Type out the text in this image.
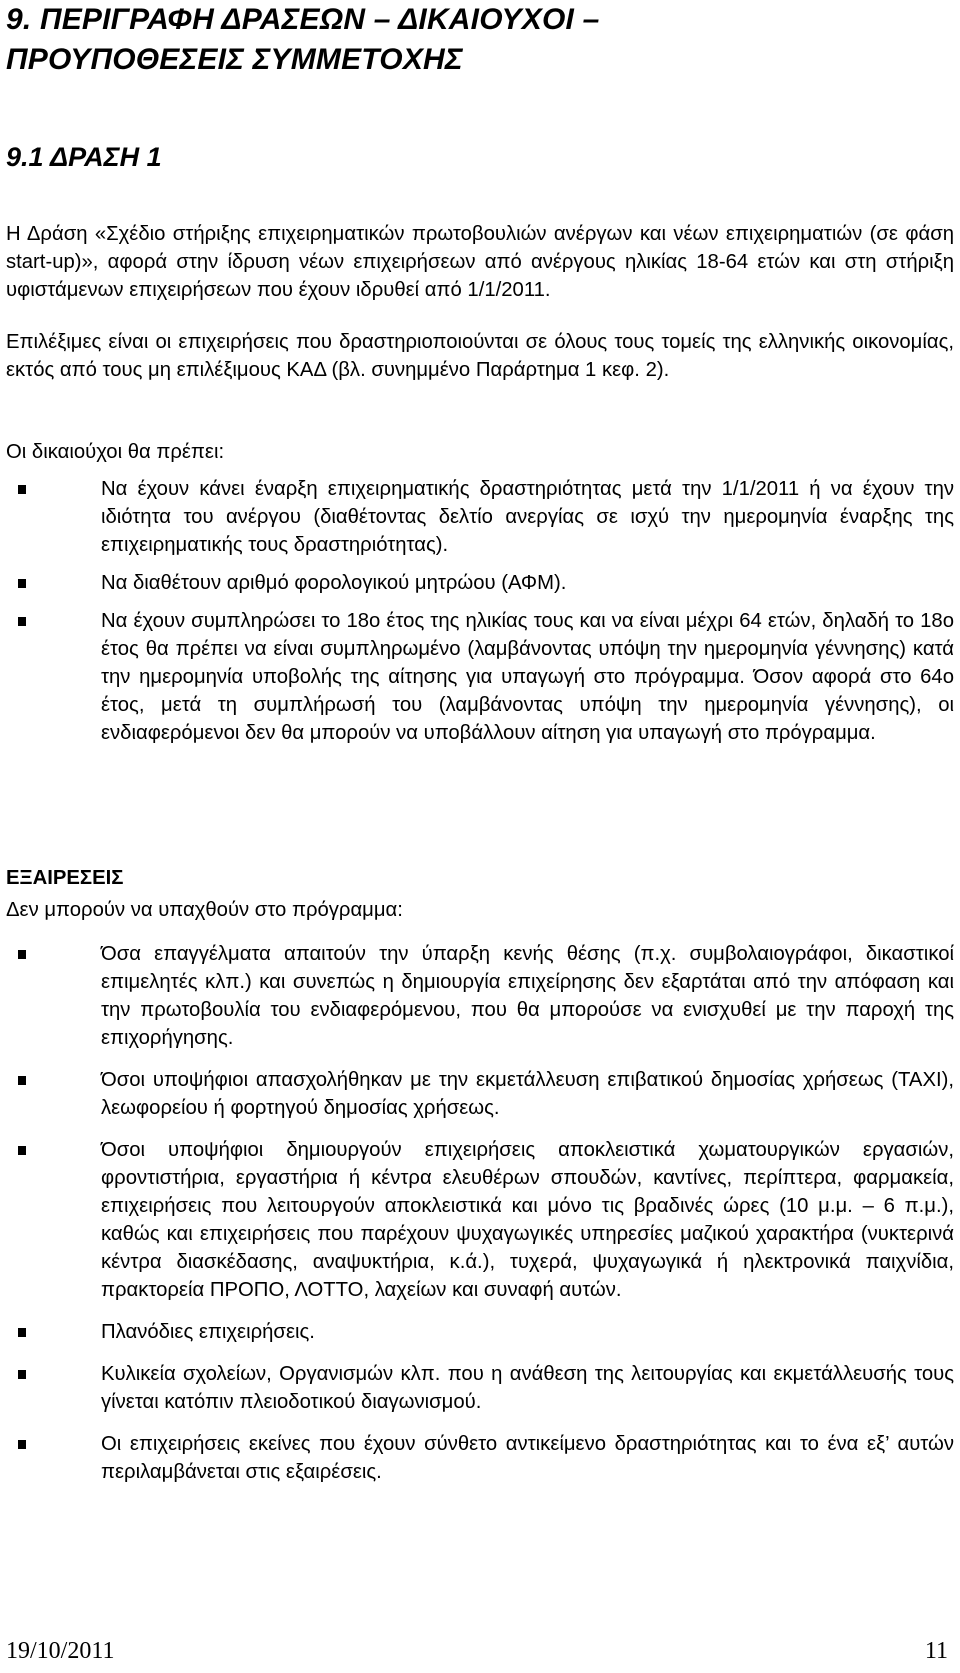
9. ΠΕΡΙΓΡΑΦΗ ΔΡΑΣΕΩΝ – ΔΙΚΑΙΟΥΧΟΙ –
ΠΡΟΥΠΟΘΕΣΕΙΣ ΣΥΜΜΕΤΟΧΗΣ
9.1 ΔΡΑΣΗ 1

Η Δράση «Σχέδιο στήριξης επιχειρηματικών πρωτοβουλιών ανέργων και νέων επιχειρηματιών (σε φάση start-up)», αφορά στην ίδρυση νέων επιχειρήσεων από ανέργους ηλικίας 18-64 ετών και στη στήριξη υφιστάμενων επιχειρήσεων που έχουν ιδρυθεί από 1/1/2011.

Επιλέξιμες είναι οι επιχειρήσεις που δραστηριοποιούνται σε όλους τους τομείς της ελληνικής οικονομίας, εκτός από τους μη επιλέξιμους ΚΑΔ (βλ. συνημμένο Παράρτημα 1 κεφ. 2).

Οι δικαιούχοι θα πρέπει:

Να έχουν κάνει έναρξη επιχειρηματικής δραστηριότητας μετά την 1/1/2011 ή να έχουν την ιδιότητα του ανέργου (διαθέτοντας δελτίο ανεργίας σε ισχύ την ημερομηνία έναρξης της επιχειρηματικής τους δραστηριότητας).
Να διαθέτουν αριθμό φορολογικού μητρώου (ΑΦΜ).
Να έχουν συμπληρώσει το 18ο έτος της ηλικίας τους και να είναι μέχρι 64 ετών, δηλαδή το 18ο έτος θα πρέπει να είναι συμπληρωμένο (λαμβάνοντας υπόψη την ημερομηνία γέννησης) κατά την ημερομηνία υποβολής της αίτησης για υπαγωγή στο πρόγραμμα. Όσον αφορά στο 64ο έτος, μετά τη συμπλήρωσή του (λαμβάνοντας υπόψη την ημερομηνία γέννησης), οι ενδιαφερόμενοι δεν θα μπορούν να υποβάλλουν αίτηση για υπαγωγή στο πρόγραμμα.
ΕΞΑΙΡΕΣΕΙΣ
Δεν μπορούν να υπαχθούν στο πρόγραμμα:
Όσα επαγγέλματα απαιτούν την ύπαρξη κενής θέσης (π.χ. συμβολαιογράφοι, δικαστικοί επιμελητές κλπ.) και συνεπώς η δημιουργία επιχείρησης δεν εξαρτάται από την απόφαση και την πρωτοβουλία του ενδιαφερόμενου, που θα μπορούσε να ενισχυθεί με την παροχή της επιχορήγησης.
Όσοι υποψήφιοι απασχολήθηκαν με την εκμετάλλευση επιβατικού δημοσίας χρήσεως (ΤΑΧΙ), λεωφορείου ή φορτηγού δημοσίας χρήσεως.
Όσοι υποψήφιοι δημιουργούν επιχειρήσεις αποκλειστικά χωματουργικών εργασιών, φροντιστήρια, εργαστήρια ή κέντρα ελευθέρων σπουδών, καντίνες, περίπτερα, φαρμακεία, επιχειρήσεις που λειτουργούν αποκλειστικά και μόνο τις βραδινές ώρες (10 μ.μ. – 6 π.μ.), καθώς και επιχειρήσεις που παρέχουν ψυχαγωγικές υπηρεσίες μαζικού χαρακτήρα (νυκτερινά κέντρα διασκέδασης, αναψυκτήρια, κ.ά.), τυχερά, ψυχαγωγικά ή ηλεκτρονικά παιχνίδια, πρακτορεία ΠΡΟΠΟ, ΛΟΤΤΟ, λαχείων και συναφή αυτών.
Πλανόδιες επιχειρήσεις.
Κυλικεία σχολείων, Οργανισμών κλπ. που η ανάθεση της λειτουργίας και εκμετάλλευσής τους γίνεται κατόπιν πλειοδοτικού διαγωνισμού.
Οι επιχειρήσεις εκείνες που έχουν σύνθετο αντικείμενο δραστηριότητας και το ένα εξ’ αυτών περιλαμβάνεται στις εξαιρέσεις.
19/10/2011	11
